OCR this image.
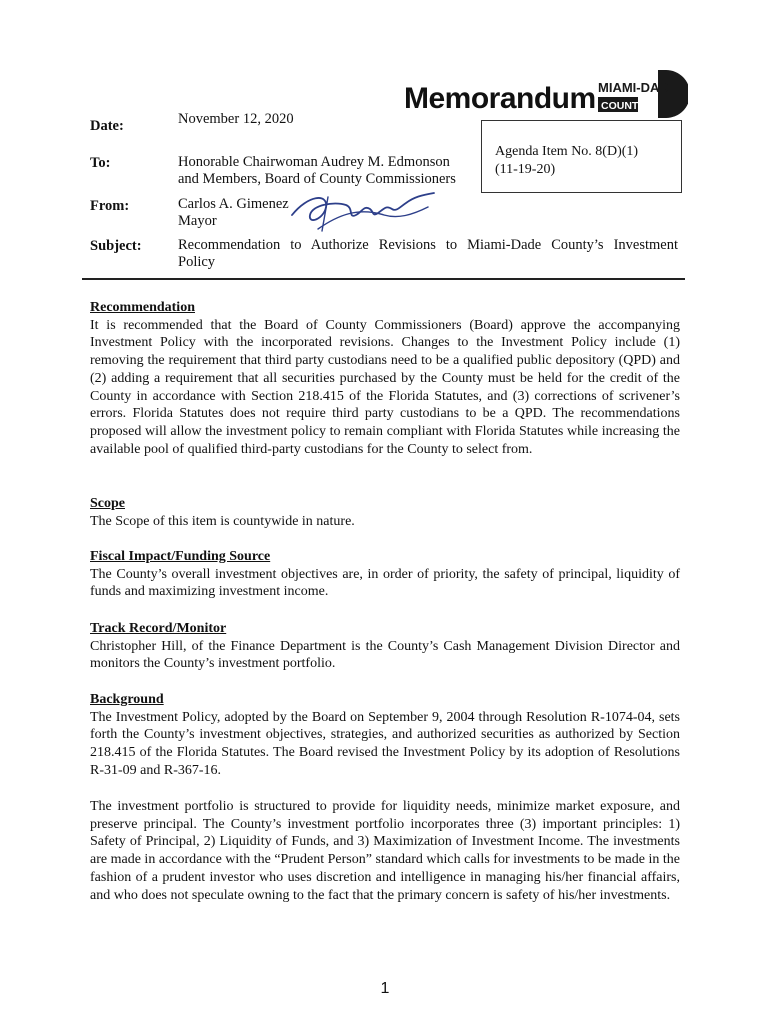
Memorandum MIAMI-DADE
COUNTY
Agenda Item No. 8(D)(1)
(11-19-20)
Date:	November 12, 2020
To:	Honorable Chairwoman Audrey M. Edmonson
and Members, Board of County Commissioners
From:	Carlos A. Gimenez
Mayor
Subject:	Recommendation to Authorize Revisions to Miami-Dade County’s Investment
Policy
Recommendation

It is recommended that the Board of County Commissioners (Board) approve the accompanying Investment Policy with the incorporated revisions. Changes to the Investment Policy include (1) removing the requirement that third party custodians need to be a qualified public depository (QPD) and (2) adding a requirement that all securities purchased by the County must be held for the credit of the County in accordance with Section 218.415 of the Florida Statutes, and (3) corrections of scrivener’s errors. Florida Statutes does not require third party custodians to be a QPD. The recommendations proposed will allow the investment policy to remain compliant with Florida Statutes while increasing the available pool of qualified third-party custodians for the County to select from.

Scope

The Scope of this item is countywide in nature.

Fiscal Impact/Funding Source

The County’s overall investment objectives are, in order of priority, the safety of principal, liquidity of funds and maximizing investment income.

Track Record/Monitor

Christopher Hill, of the Finance Department is the County’s Cash Management Division Director and monitors the County’s investment portfolio.

Background

The Investment Policy, adopted by the Board on September 9, 2004 through Resolution R-1074-04, sets forth the County’s investment objectives, strategies, and authorized securities as authorized by Section 218.415 of the Florida Statutes. The Board revised the Investment Policy by its adoption of Resolutions R-31-09 and R-367-16.

The investment portfolio is structured to provide for liquidity needs, minimize market exposure, and preserve principal. The County’s investment portfolio incorporates three (3) important principles: 1) Safety of Principal, 2) Liquidity of Funds, and 3) Maximization of Investment Income. The investments are made in accordance with the “Prudent Person” standard which calls for investments to be made in the fashion of a prudent investor who uses discretion and intelligence in managing his/her financial affairs, and who does not speculate owning to the fact that the primary concern is safety of his/her investments.

1
